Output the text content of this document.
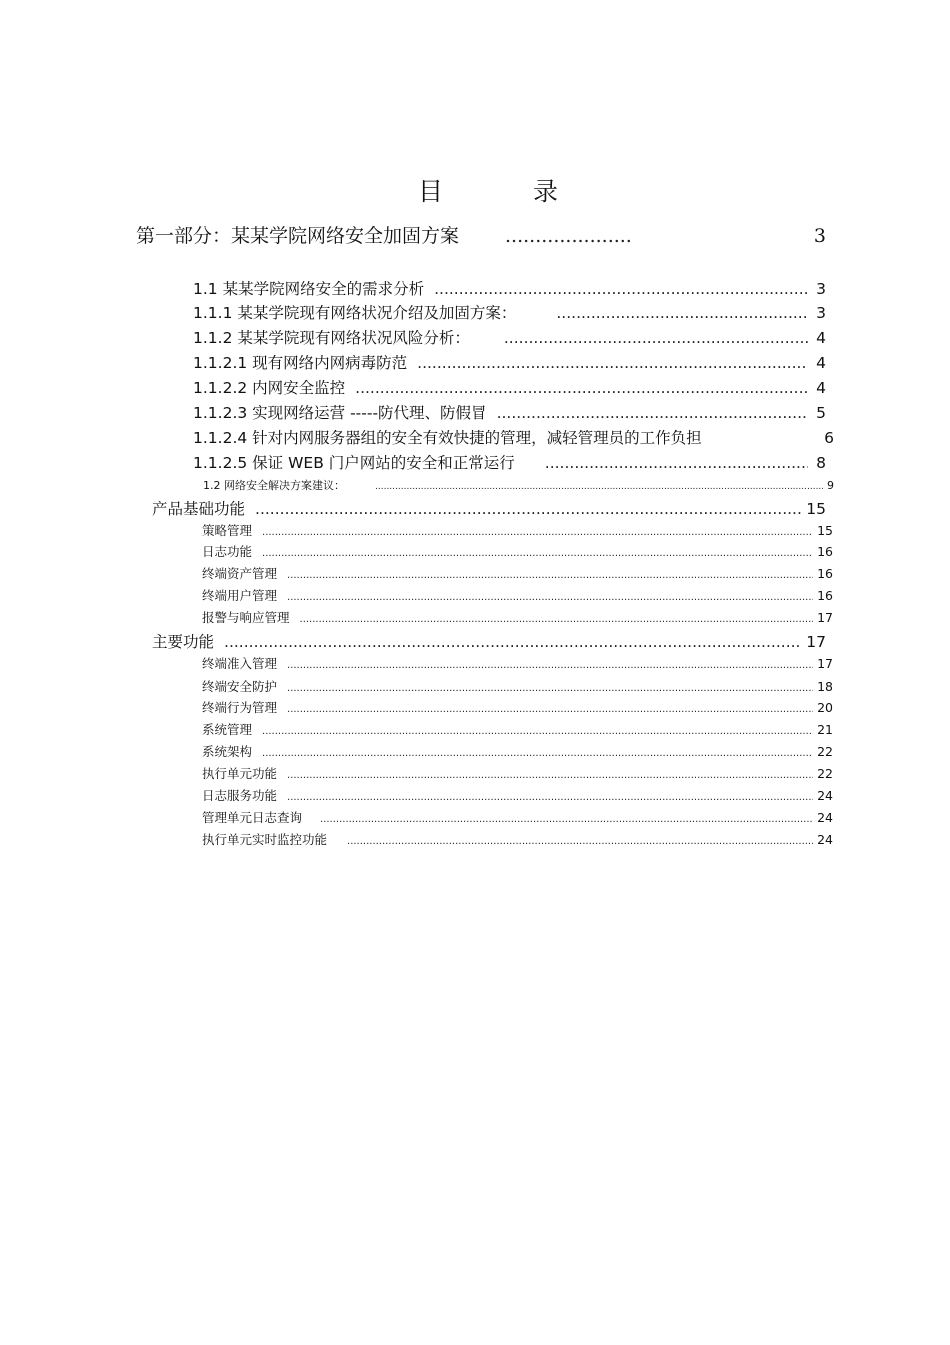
目	录
第一部分：某某学院网络安全加固方案 .....	3
1.1 某某学院网络安全的需求分析 .....	3
1.1.1 某某学院现有网络状况介绍及加固方案： .....	3
1.1.2 某某学院现有网络状况风险分析： .....	4
1.1.2.1 现有网络内网病毒防范 .....	4
1.1.2.2 内网安全监控 .....	4
1.1.2.3 实现网络运营 -----防代理、防假冒 .....	5
1.1.2.4 针对内网服务器组的安全有效快捷的管理，减轻管理员的工作负担	6
1.1.2.5 保证 WEB 门户网站的安全和正常运行 .....	8
1.2 网络安全解决方案建议： .....	9
产品基础功能 .....	15
策略管理 .....	15
日志功能 .....	16
终端资产管理 .....	16
终端用户管理 .....	16
报警与响应管理 .....	17
主要功能 .....	17
终端准入管理 .....	17
终端安全防护 .....	18
终端行为管理 .....	20
系统管理 .....	21
系统架构 .....	22
执行单元功能 .....	22
日志服务功能 .....	24
管理单元日志查询 .....	24
执行单元实时监控功能 .....	24
